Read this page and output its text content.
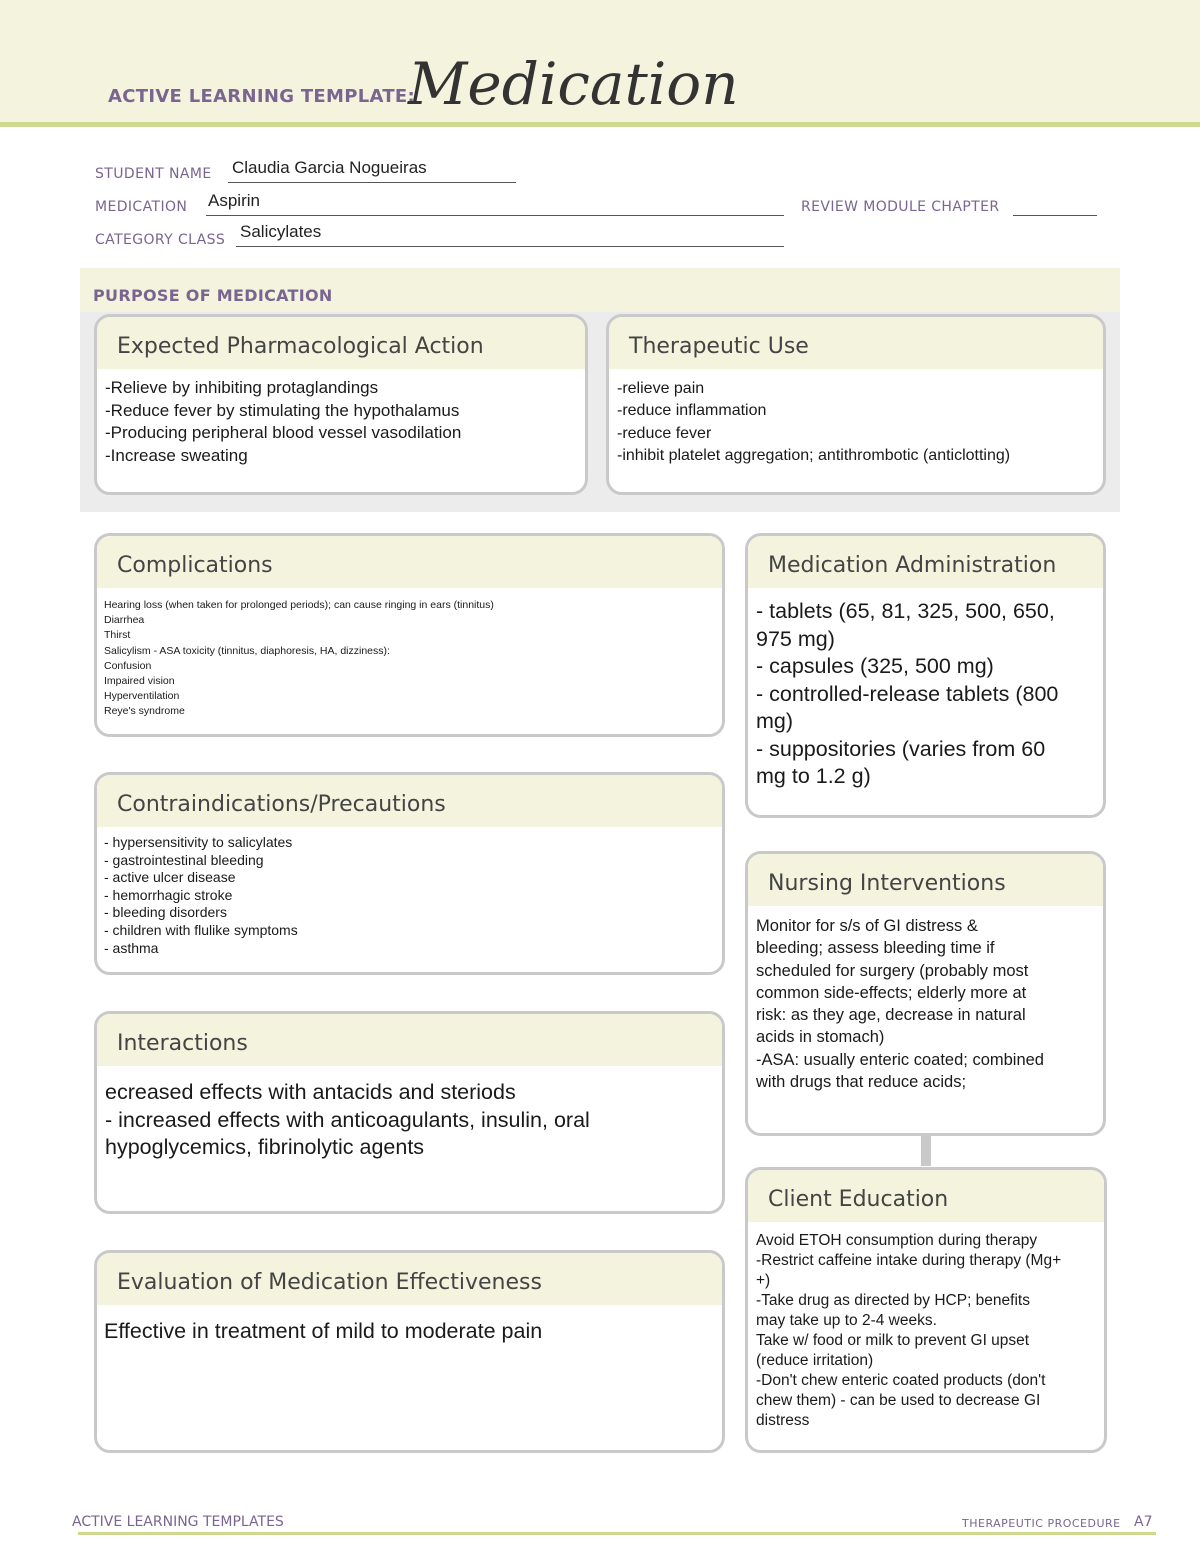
ACTIVE LEARNING TEMPLATE:
Medication
STUDENT NAME Claudia Garcia Nogueiras
MEDICATION Aspirin	REVIEW MODULE CHAPTER
CATEGORY CLASS Salicylates
PURPOSE OF MEDICATION
Expected Pharmacological Action
-Relieve by inhibiting protaglandings
-Reduce fever by stimulating the hypothalamus
-Producing peripheral blood vessel vasodilation
-Increase sweating
Therapeutic Use
-relieve pain
-reduce inflammation
-reduce fever
-inhibit platelet aggregation; antithrombotic (anticlotting)
Complications
Hearing loss (when taken for prolonged periods); can cause ringing in ears (tinnitus)
Diarrhea
Thirst
Salicylism - ASA toxicity (tinnitus, diaphoresis, HA, dizziness):
Confusion
Impaired vision
Hyperventilation
Reye's syndrome
Medication Administration
- tablets (65, 81, 325, 500, 650,
975 mg)
- capsules (325, 500 mg)
- controlled-release tablets (800
mg)
- suppositories (varies from 60
mg to 1.2 g)
Contraindications/Precautions
- hypersensitivity to salicylates
- gastrointestinal bleeding
- active ulcer disease
- hemorrhagic stroke
- bleeding disorders
- children with flulike symptoms
- asthma
Nursing Interventions
Monitor for s/s of GI distress &
bleeding; assess bleeding time if
scheduled for surgery (probably most
common side-effects; elderly more at
risk: as they age, decrease in natural
acids in stomach)
-ASA: usually enteric coated; combined
with drugs that reduce acids;
Interactions
ecreased effects with antacids and steriods
- increased effects with anticoagulants, insulin, oral
hypoglycemics, fibrinolytic agents
Client Education
Avoid ETOH consumption during therapy
-Restrict caffeine intake during therapy (Mg+
+)
-Take drug as directed by HCP; benefits
may take up to 2-4 weeks.
Take w/ food or milk to prevent GI upset
(reduce irritation)
-Don't chew enteric coated products (don't
chew them) - can be used to decrease GI
distress
Evaluation of Medication Effectiveness
Effective in treatment of mild to moderate pain
ACTIVE LEARNING TEMPLATES	THERAPEUTIC PROCEDURE A7
